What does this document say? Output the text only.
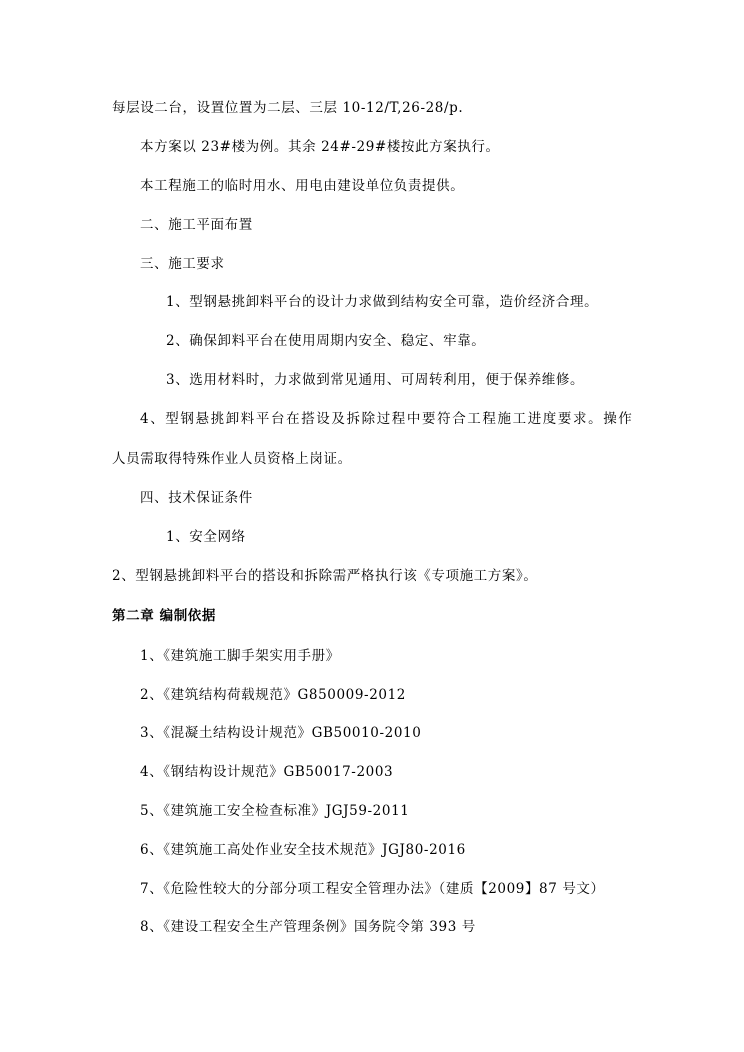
每层设二台，设置位置为二层、三层 10-12/T,26-28/p.
本方案以 23#楼为例。其余 24#-29#楼按此方案执行。
本工程施工的临时用水、用电由建设单位负责提供。
二、施工平面布置
三、施工要求
1、型钢悬挑卸料平台的设计力求做到结构安全可靠，造价经济合理。
2、确保卸料平台在使用周期内安全、稳定、牢靠。
3、选用材料时，力求做到常见通用、可周转利用，便于保养维修。
4、型钢悬挑卸料平台在搭设及拆除过程中要符合工程施工进度要求。操作
人员需取得特殊作业人员资格上岗证。
四、技术保证条件
1、安全网络
2、型钢悬挑卸料平台的搭设和拆除需严格执行该《专项施工方案》。
第二章 编制依据
1、《建筑施工脚手架实用手册》
2、《建筑结构荷载规范》G850009-2012
3、《混凝土结构设计规范》GB50010-2010
4、《钢结构设计规范》GB50017-2003
5、《建筑施工安全检查标准》JGJ59-2011
6、《建筑施工高处作业安全技术规范》JGJ80-2016
7、《危险性较大的分部分项工程安全管理办法》（建质【2009】87 号文）
8、《建设工程安全生产管理条例》国务院令第 393 号
